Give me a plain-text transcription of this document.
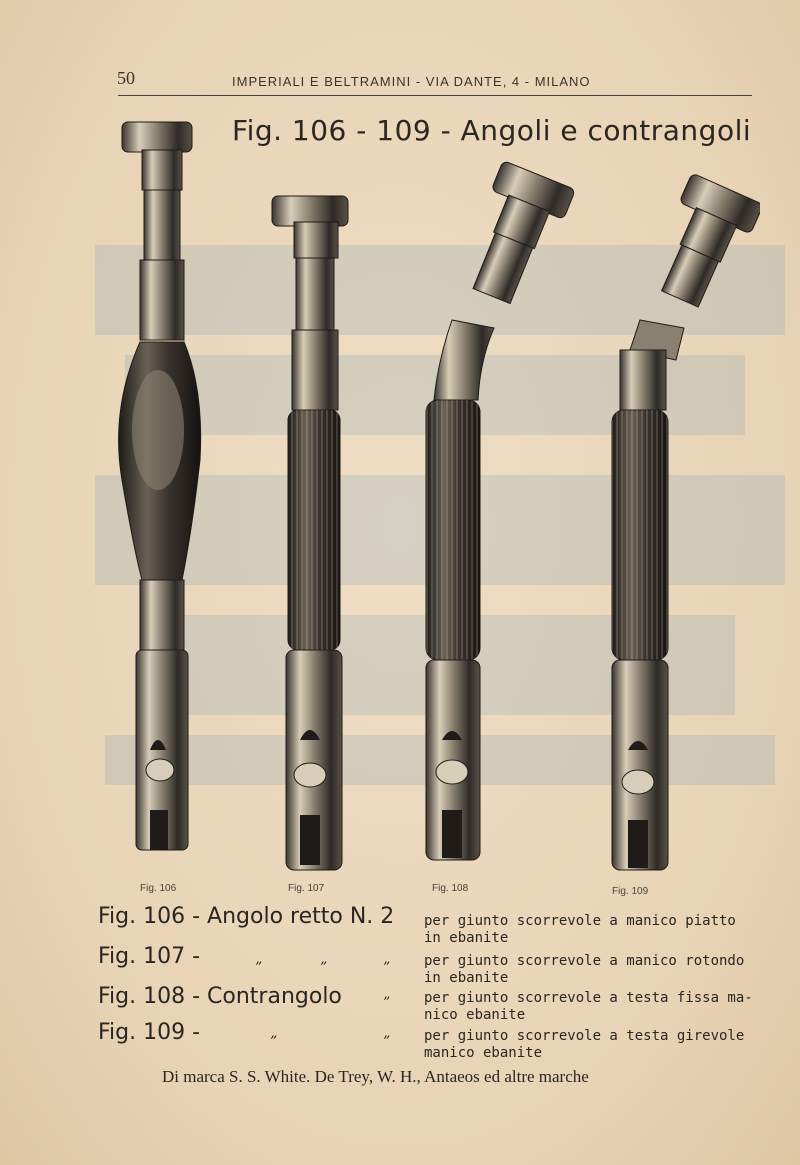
50	IMPERIALI E BELTRAMINI - VIA DANTE, 4 - MILANO
Fig. 106 - 109 - Angoli e contrangoli
Fig. 106	Fig. 107	Fig. 108	Fig. 109
Fig. 106 - Angolo retto N. 2 per giunto scorrevole a manico piatto
in ebanite
Fig. 107 -	”	”	” per giunto scorrevole a manico rotondo
in ebanite
Fig. 108 - Contrangolo	” per giunto scorrevole a testa fissa ma-
nico ebanite
Fig. 109 -	”	” per giunto scorrevole a testa girevole
manico ebanite
Di marca S. S. White. De Trey, W. H., Antaeos ed altre marche
